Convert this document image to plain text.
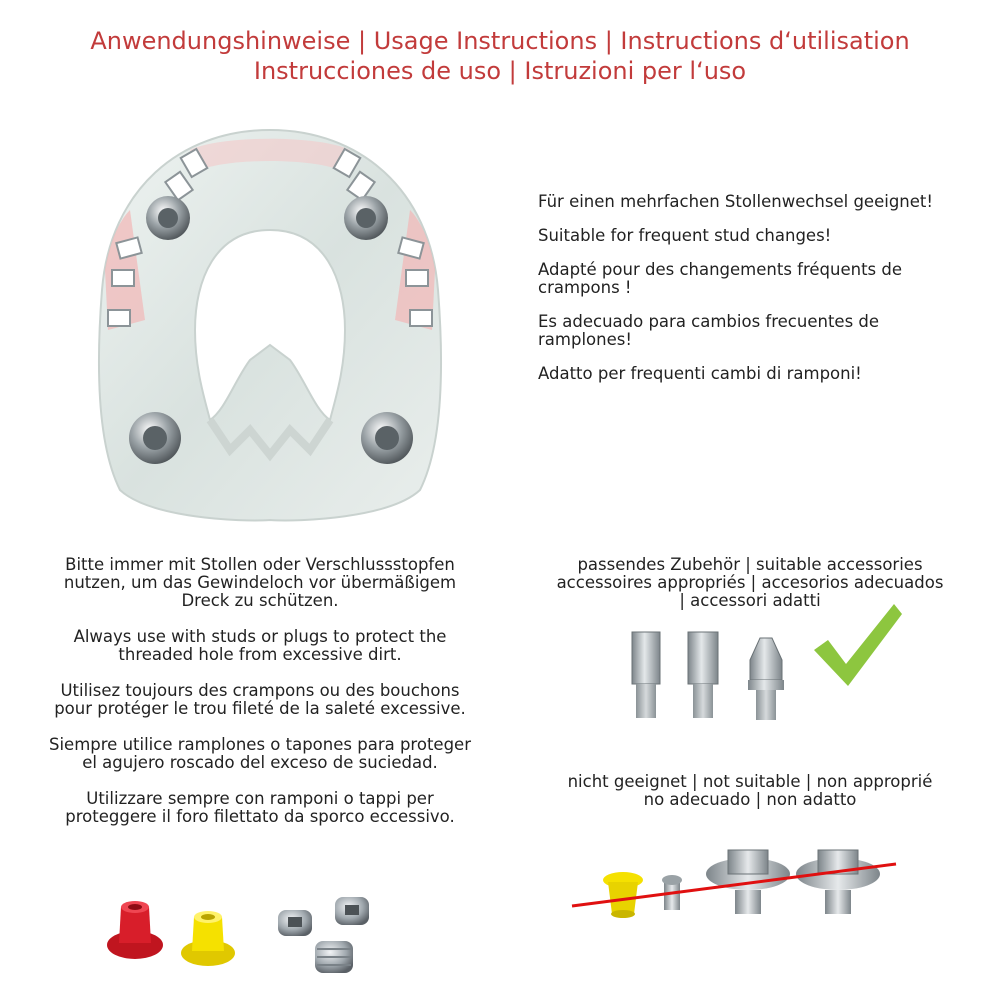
Anwendungshinweise | Usage Instructions | Instructions d‘utilisation
Instrucciones de uso | Istruzioni per l‘uso

Für einen mehrfachen Stollenwechsel geeignet!

Suitable for frequent stud changes!

Adapté pour des changements fréquents de crampons !

Es adecuado para cambios frecuentes de ramplones!

Adatto per frequenti cambi di ramponi!

Bitte immer mit Stollen oder Verschlussstopfen nutzen, um das Gewindeloch vor übermäßigem Dreck zu schützen.

Always use with studs or plugs to protect the threaded hole from excessive dirt.

Utilisez toujours des crampons ou des bouchons pour protéger le trou fileté de la saleté excessive.

Siempre utilice ramplones o tapones para proteger el agujero roscado del exceso de suciedad.

Utilizzare sempre con ramponi o tappi per proteggere il foro filettato da sporco eccessivo.

passendes Zubehör | suitable accessories

accessoires appropriés | accesorios adecuados

| accessori adatti

nicht geeignet | not suitable | non approprié

no adecuado | non adatto
